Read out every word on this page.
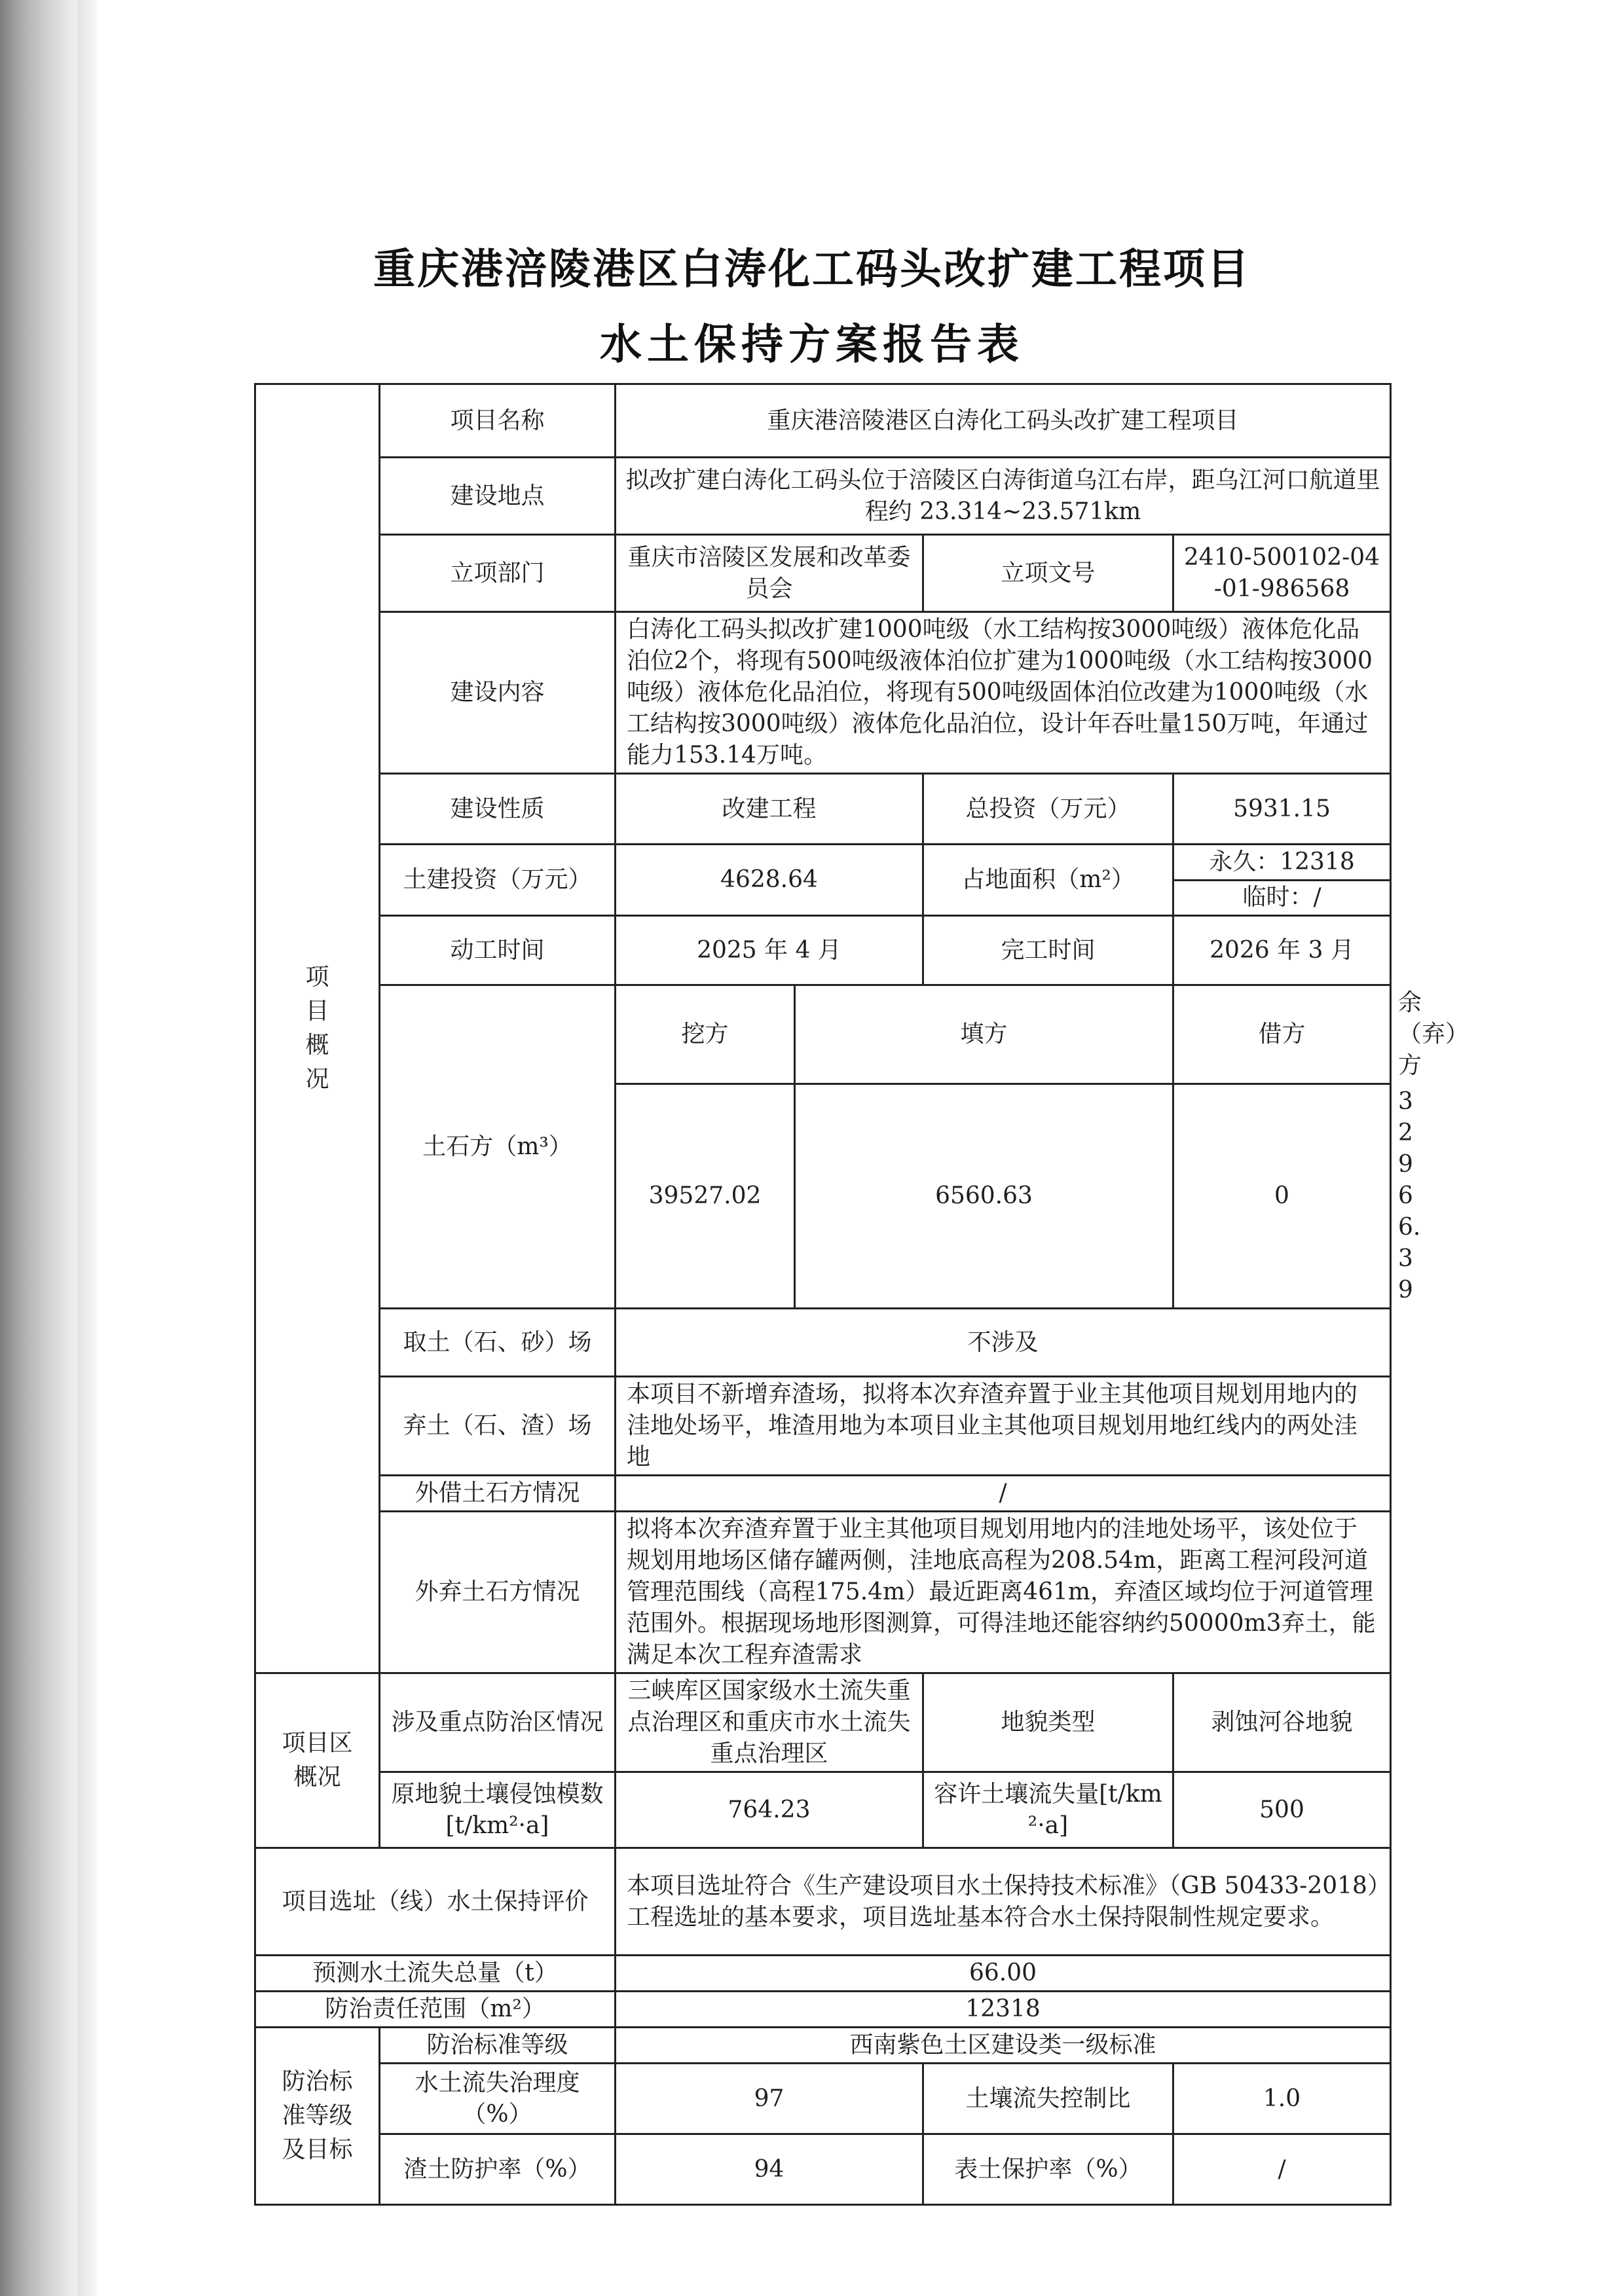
重庆港涪陵港区白涛化工码头改扩建工程项目
水土保持方案报告表
项
目
概
况	项目名称	重庆港涪陵港区白涛化工码头改扩建工程项目				
	建设地点	拟改扩建白涛化工码头位于涪陵区白涛街道乌江右岸，距乌江河口航道里程约 23.314~23.571km				
	立项部门	重庆市涪陵区发展和改革委员会		立项文号	2410-500102-04-01-986568	
	建设内容	白涛化工码头拟改扩建1000吨级（水工结构按3000吨级）液体危化品泊位2个，将现有500吨级液体泊位扩建为1000吨级（水工结构按3000吨级）液体危化品泊位，将现有500吨级固体泊位改建为1000吨级（水工结构按3000吨级）液体危化品泊位，设计年吞吐量150万吨，年通过能力153.14万吨。				
	建设性质	改建工程		总投资（万元）	5931.15	
	土建投资（万元）	4628.64		占地面积（m²）	永久：12318
临时：/	

	动工时间	2025 年 4 月		完工时间	2026 年 3 月	
	土石方（m³）	挖方	填方		借方	余（弃）方
		39527.02	6560.63		0	32966.39
	取土（石、砂）场	不涉及				
	弃土（石、渣）场	本项目不新增弃渣场，拟将本次弃渣弃置于业主其他项目规划用地内的洼地处场平，堆渣用地为本项目业主其他项目规划用地红线内的两处洼地				
	外借土石方情况	/				
	外弃土石方情况	拟将本次弃渣弃置于业主其他项目规划用地内的洼地处场平，该处位于规划用地场区储存罐两侧，洼地底高程为208.54m，距离工程河段河道管理范围线（高程175.4m）最近距离461m，弃渣区域均位于河道管理范围外。根据现场地形图测算，可得洼地还能容纳约50000m3弃土，能满足本次工程弃渣需求				

项目区
概况	涉及重点防治区情况	三峡库区国家级水土流失重点治理区和重庆市水土流失重点治理区		地貌类型	剥蚀河谷地貌	
	原地貌土壤侵蚀模数[t/km²·a]	764.23		容许土壤流失量[t/km²·a]	500	
项目选址（线）水土保持评价		本项目选址符合《生产建设项目水土保持技术标准》（GB 50433-2018）工程选址的基本要求，项目选址基本符合水土保持限制性规定要求。				
预测水土流失总量（t）		66.00				
防治责任范围（m²）		12318				
防治标
准等级
及目标	防治标准等级	西南紫色土区建设类一级标准				
	水土流失治理度（%）	97		土壤流失控制比	1.0	
	渣土防护率（%）	94		表土保护率（%）	/	
